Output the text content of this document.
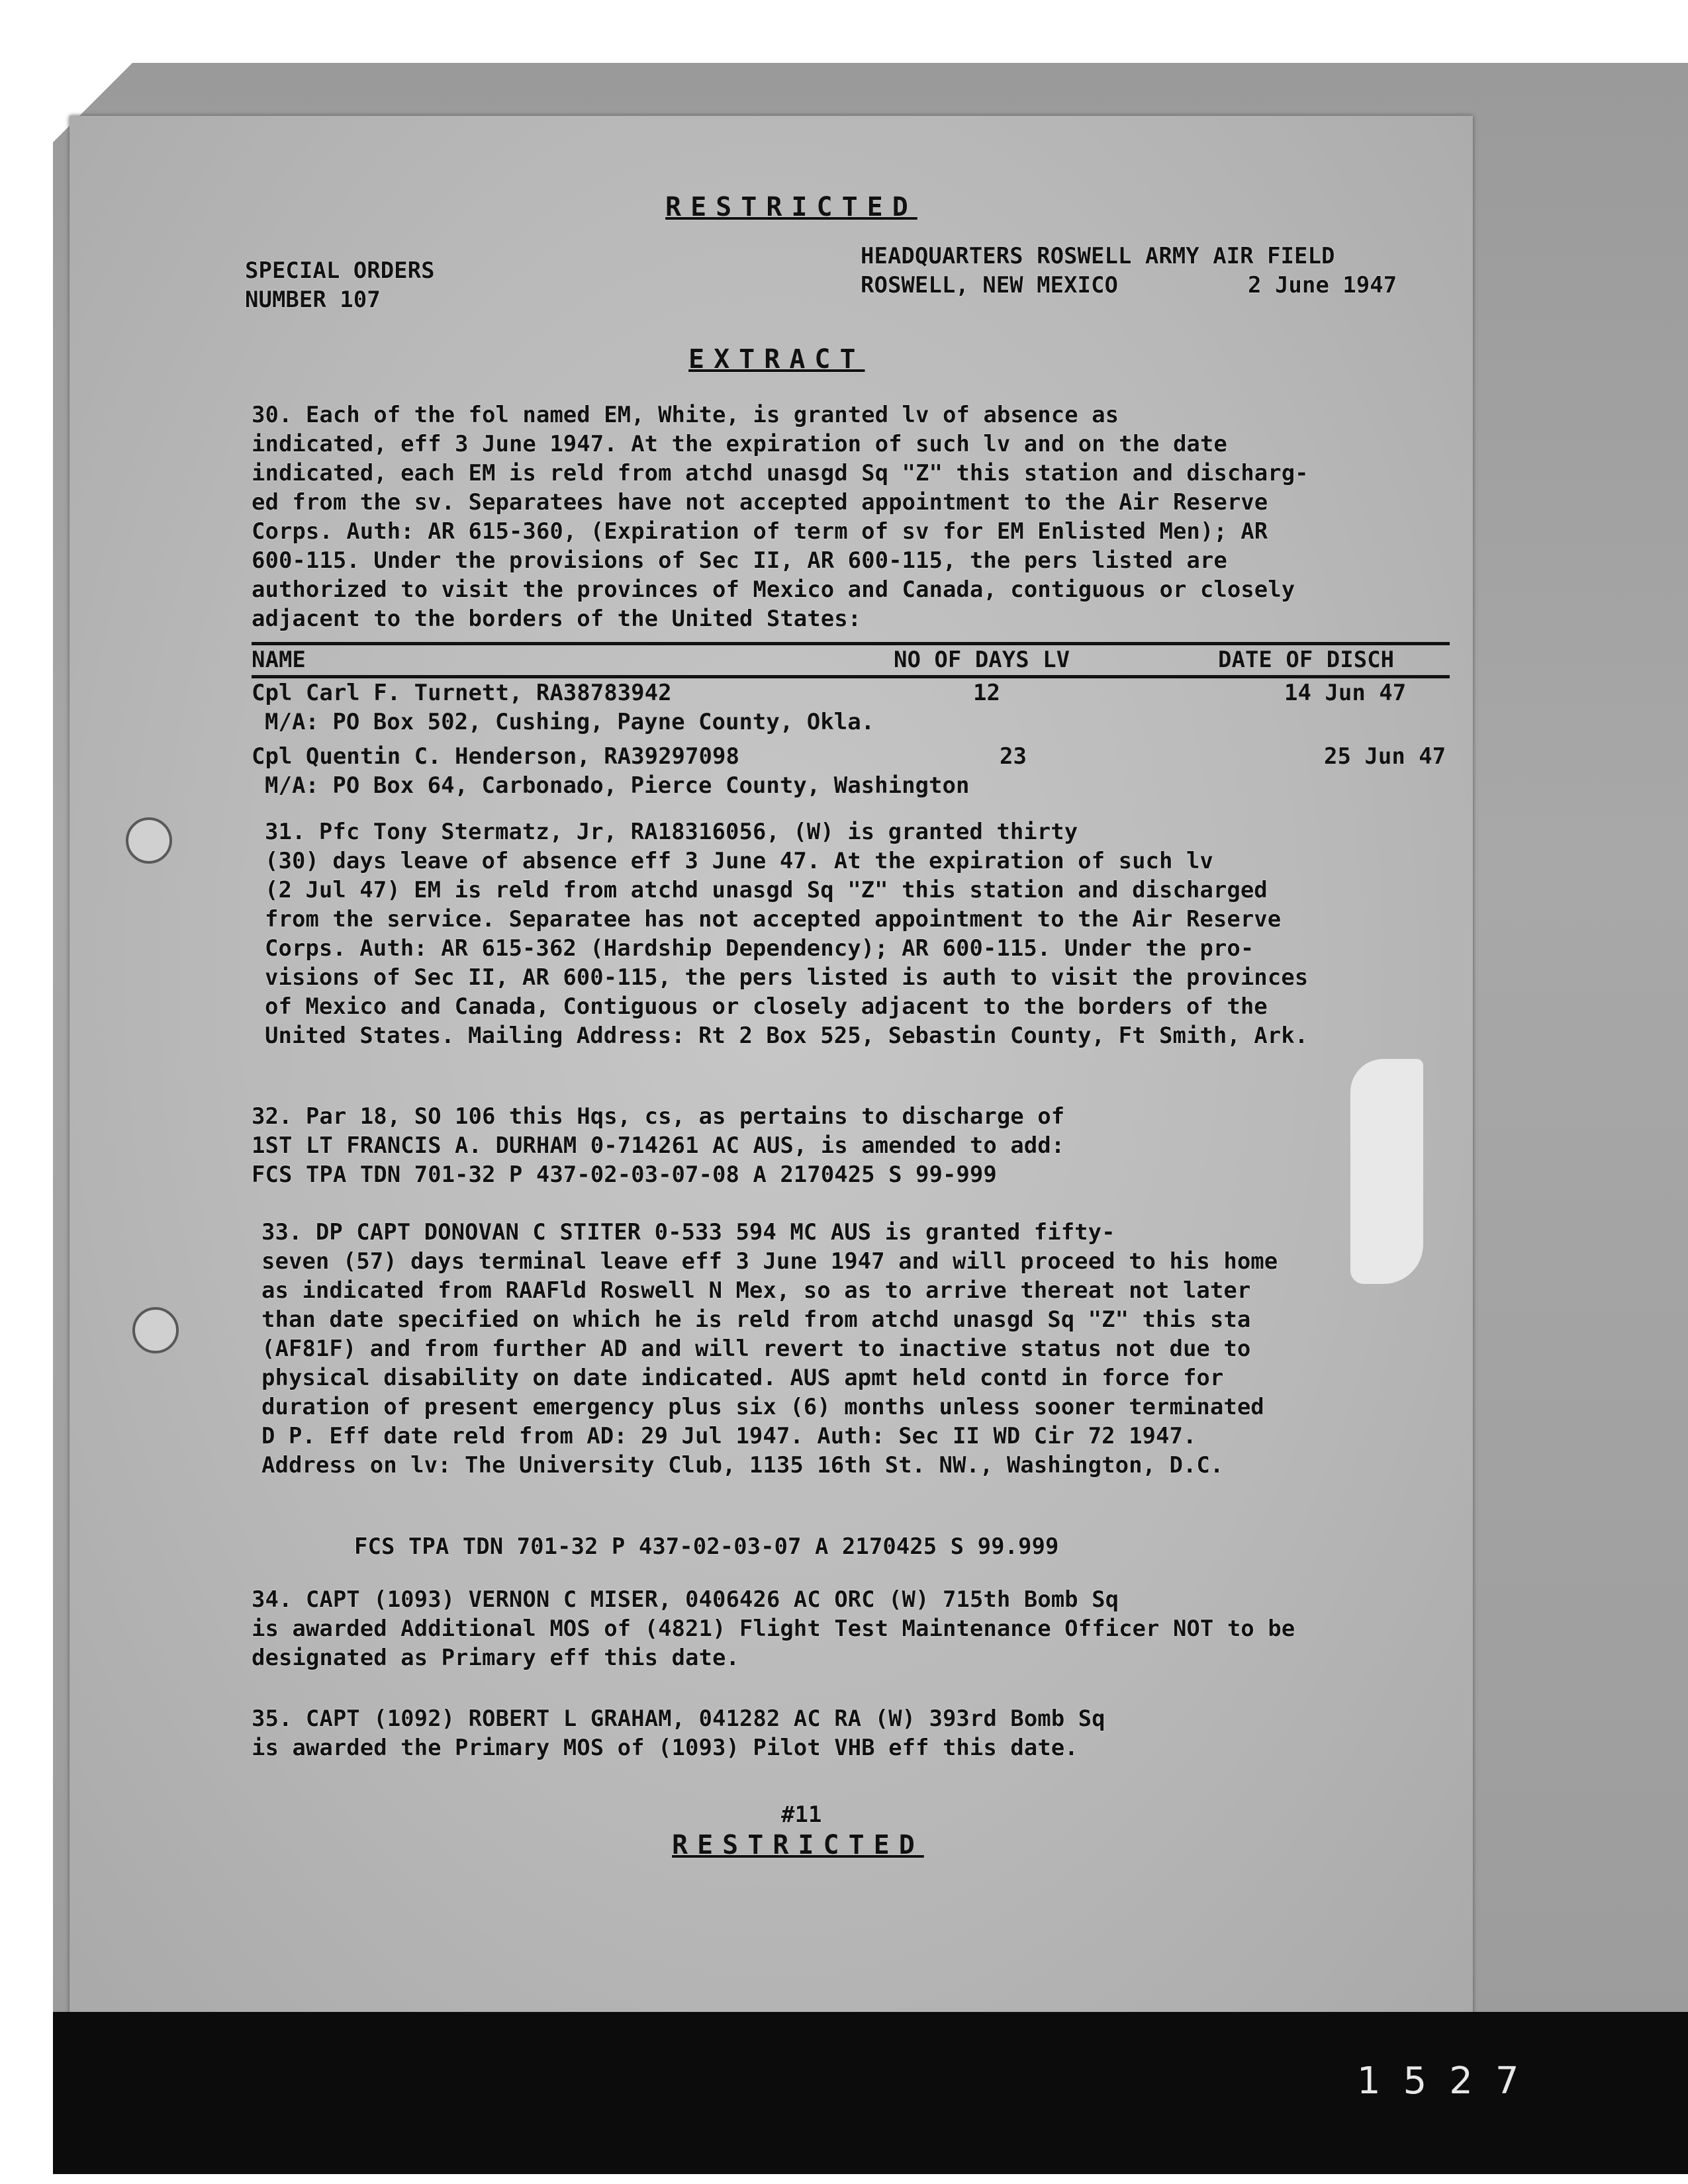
RESTRICTED
SPECIAL ORDERS
NUMBER 107
HEADQUARTERS ROSWELL ARMY AIR FIELD
ROSWELL, NEW MEXICO	2 June 1947
EXTRACT
30. Each of the fol named EM, White, is granted lv of absence as
indicated, eff 3 June 1947. At the expiration of such lv and on the date
indicated, each EM is reld from atchd unasgd Sq "Z" this station and discharg-
ed from the sv. Separatees have not accepted appointment to the Air Reserve
Corps. Auth: AR 615-360, (Expiration of term of sv for EM Enlisted Men); AR
600-115. Under the provisions of Sec II, AR 600-115, the pers listed are
authorized to visit the provinces of Mexico and Canada, contiguous or closely
adjacent to the borders of the United States:
NAME	NO OF DAYS LV	DATE OF DISCH
Cpl Carl F. Turnett, RA38783942	12	14 Jun 47
M/A: PO Box 502, Cushing, Payne County, Okla.
Cpl Quentin C. Henderson, RA39297098	23	25 Jun 47
M/A: PO Box 64, Carbonado, Pierce County, Washington
31. Pfc Tony Stermatz, Jr, RA18316056, (W) is granted thirty
(30) days leave of absence eff 3 June 47. At the expiration of such lv
(2 Jul 47) EM is reld from atchd unasgd Sq "Z" this station and discharged
from the service. Separatee has not accepted appointment to the Air Reserve
Corps. Auth: AR 615-362 (Hardship Dependency); AR 600-115. Under the pro-
visions of Sec II, AR 600-115, the pers listed is auth to visit the provinces
of Mexico and Canada, Contiguous or closely adjacent to the borders of the
United States. Mailing Address: Rt 2 Box 525, Sebastin County, Ft Smith, Ark.
32. Par 18, SO 106 this Hqs, cs, as pertains to discharge of
1ST LT FRANCIS A. DURHAM 0-714261 AC AUS, is amended to add:
FCS TPA TDN 701-32 P 437-02-03-07-08 A 2170425 S 99-999
33. DP CAPT DONOVAN C STITER 0-533 594 MC AUS is granted fifty-
seven (57) days terminal leave eff 3 June 1947 and will proceed to his home
as indicated from RAAFld Roswell N Mex, so as to arrive thereat not later
than date specified on which he is reld from atchd unasgd Sq "Z" this sta
(AF81F) and from further AD and will revert to inactive status not due to
physical disability on date indicated. AUS apmt held contd in force for
duration of present emergency plus six (6) months unless sooner terminated
D P. Eff date reld from AD: 29 Jul 1947. Auth: Sec II WD Cir 72 1947.
Address on lv: The University Club, 1135 16th St. NW., Washington, D.C.
FCS TPA TDN 701-32 P 437-02-03-07 A 2170425 S 99.999
34. CAPT (1093) VERNON C MISER, 0406426 AC ORC (W) 715th Bomb Sq
is awarded Additional MOS of (4821) Flight Test Maintenance Officer NOT to be
designated as Primary eff this date.
35. CAPT (1092) ROBERT L GRAHAM, 041282 AC RA (W) 393rd Bomb Sq
is awarded the Primary MOS of (1093) Pilot VHB eff this date.
#11
RESTRICTED
1527
